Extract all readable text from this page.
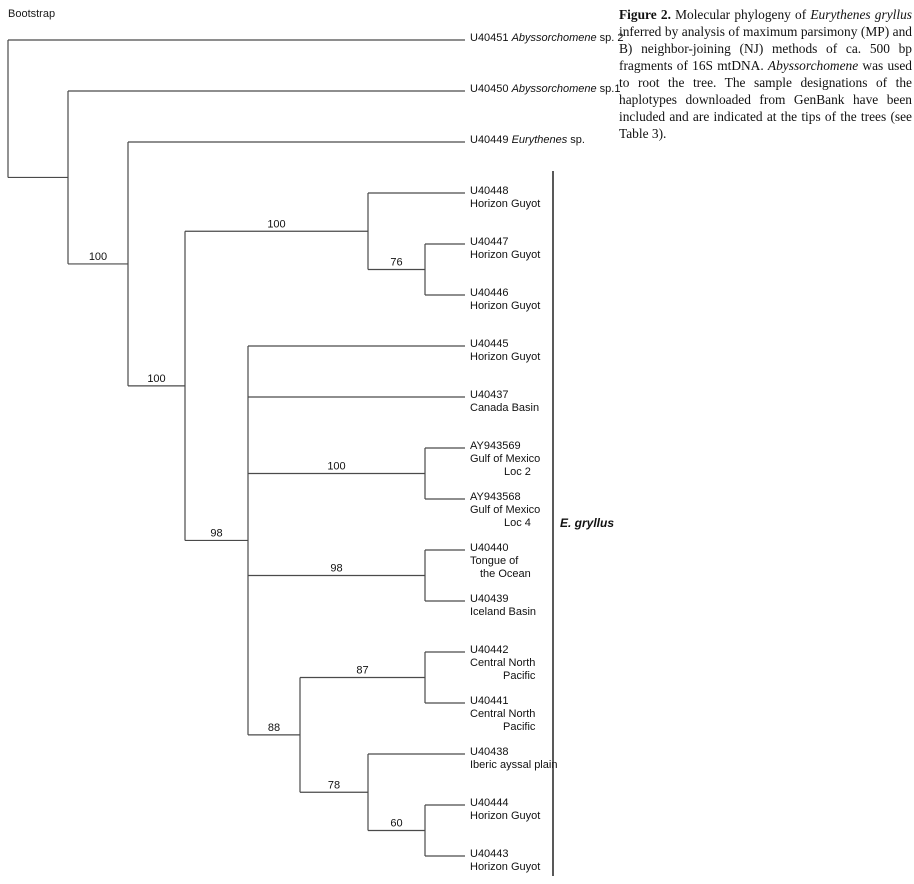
Bootstrap
100
100
100
76
98
100
98
88
87
78
60
U40451 Abyssorchomene sp. 2
U40450 Abyssorchomene sp.1
U40449 Eurythenes sp.
U40448
Horizon Guyot
U40447
Horizon Guyot
U40446
Horizon Guyot
U40445
Horizon Guyot
U40437
Canada Basin
AY943569
Gulf of Mexico
Loc 2
AY943568
Gulf of Mexico
Loc 4
U40440
Tongue of
the Ocean
U40439
Iceland Basin
U40442
Central North
Pacific
U40441
Central North
Pacific
U40438
Iberic ayssal plain
U40444
Horizon Guyot
U40443
Horizon Guyot
E. gryllus
Figure 2. Molecular phylogeny of Eurythenes gryllus inferred by analysis of maximum parsimony (MP) and B) neighbor-joining (NJ) methods of ca. 500 bp fragments of 16S mtDNA. Abyssorchomene was used to root the tree. The sample designations of the haplotypes downloaded from GenBank have been included and are indicated at the tips of the trees (see Table 3).
